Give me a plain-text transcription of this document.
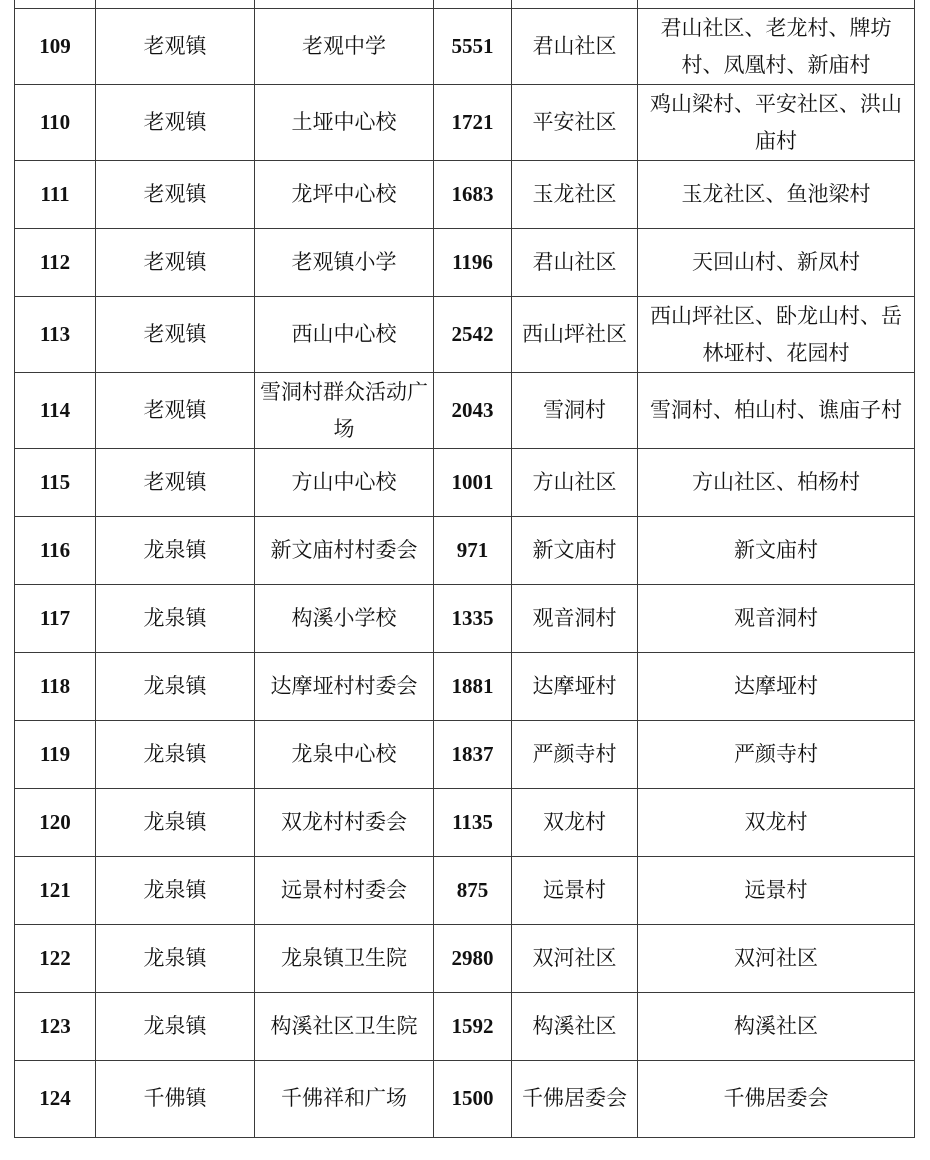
109	老观镇	老观中学	5551	君山社区	君山社区、老龙村、牌坊村、凤凰村、新庙村
110	老观镇	土垭中心校	1721	平安社区	鸡山梁村、平安社区、洪山庙村
111	老观镇	龙坪中心校	1683	玉龙社区	玉龙社区、鱼池梁村
112	老观镇	老观镇小学	1196	君山社区	天回山村、新凤村
113	老观镇	西山中心校	2542	西山坪社区	西山坪社区、卧龙山村、岳林垭村、花园村
114	老观镇	雪洞村群众活动广场	2043	雪洞村	雪洞村、柏山村、谯庙子村
115	老观镇	方山中心校	1001	方山社区	方山社区、柏杨村
116	龙泉镇	新文庙村村委会	971	新文庙村	新文庙村
117	龙泉镇	构溪小学校	1335	观音洞村	观音洞村
118	龙泉镇	达摩垭村村委会	1881	达摩垭村	达摩垭村
119	龙泉镇	龙泉中心校	1837	严颜寺村	严颜寺村
120	龙泉镇	双龙村村委会	1135	双龙村	双龙村
121	龙泉镇	远景村村委会	875	远景村	远景村
122	龙泉镇	龙泉镇卫生院	2980	双河社区	双河社区
123	龙泉镇	构溪社区卫生院	1592	构溪社区	构溪社区
124	千佛镇	千佛祥和广场	1500	千佛居委会	千佛居委会
